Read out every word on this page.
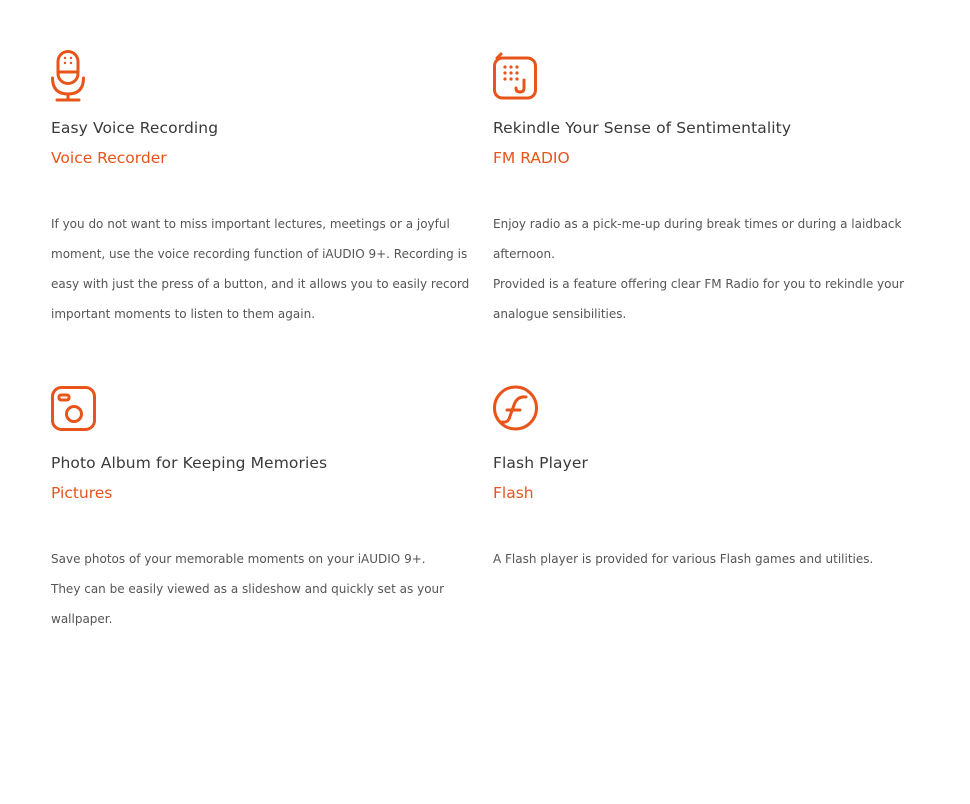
Easy Voice Recording
Voice Recorder

If you do not want to miss important lectures, meetings or a joyful moment, use the voice recording function of iAUDIO 9+. Recording is easy with just the press of a button, and it allows you to easily record important moments to listen to them again.

Rekindle Your Sense of Sentimentality
FM RADIO

Enjoy radio as a pick-me-up during break times or during a laidback afternoon.

Provided is a feature offering clear FM Radio for you to rekindle your analogue sensibilities.

Photo Album for Keeping Memories
Pictures

Save photos of your memorable moments on your iAUDIO 9+.

They can be easily viewed as a slideshow and quickly set as your wallpaper.

Flash Player
Flash

A Flash player is provided for various Flash games and utilities.
